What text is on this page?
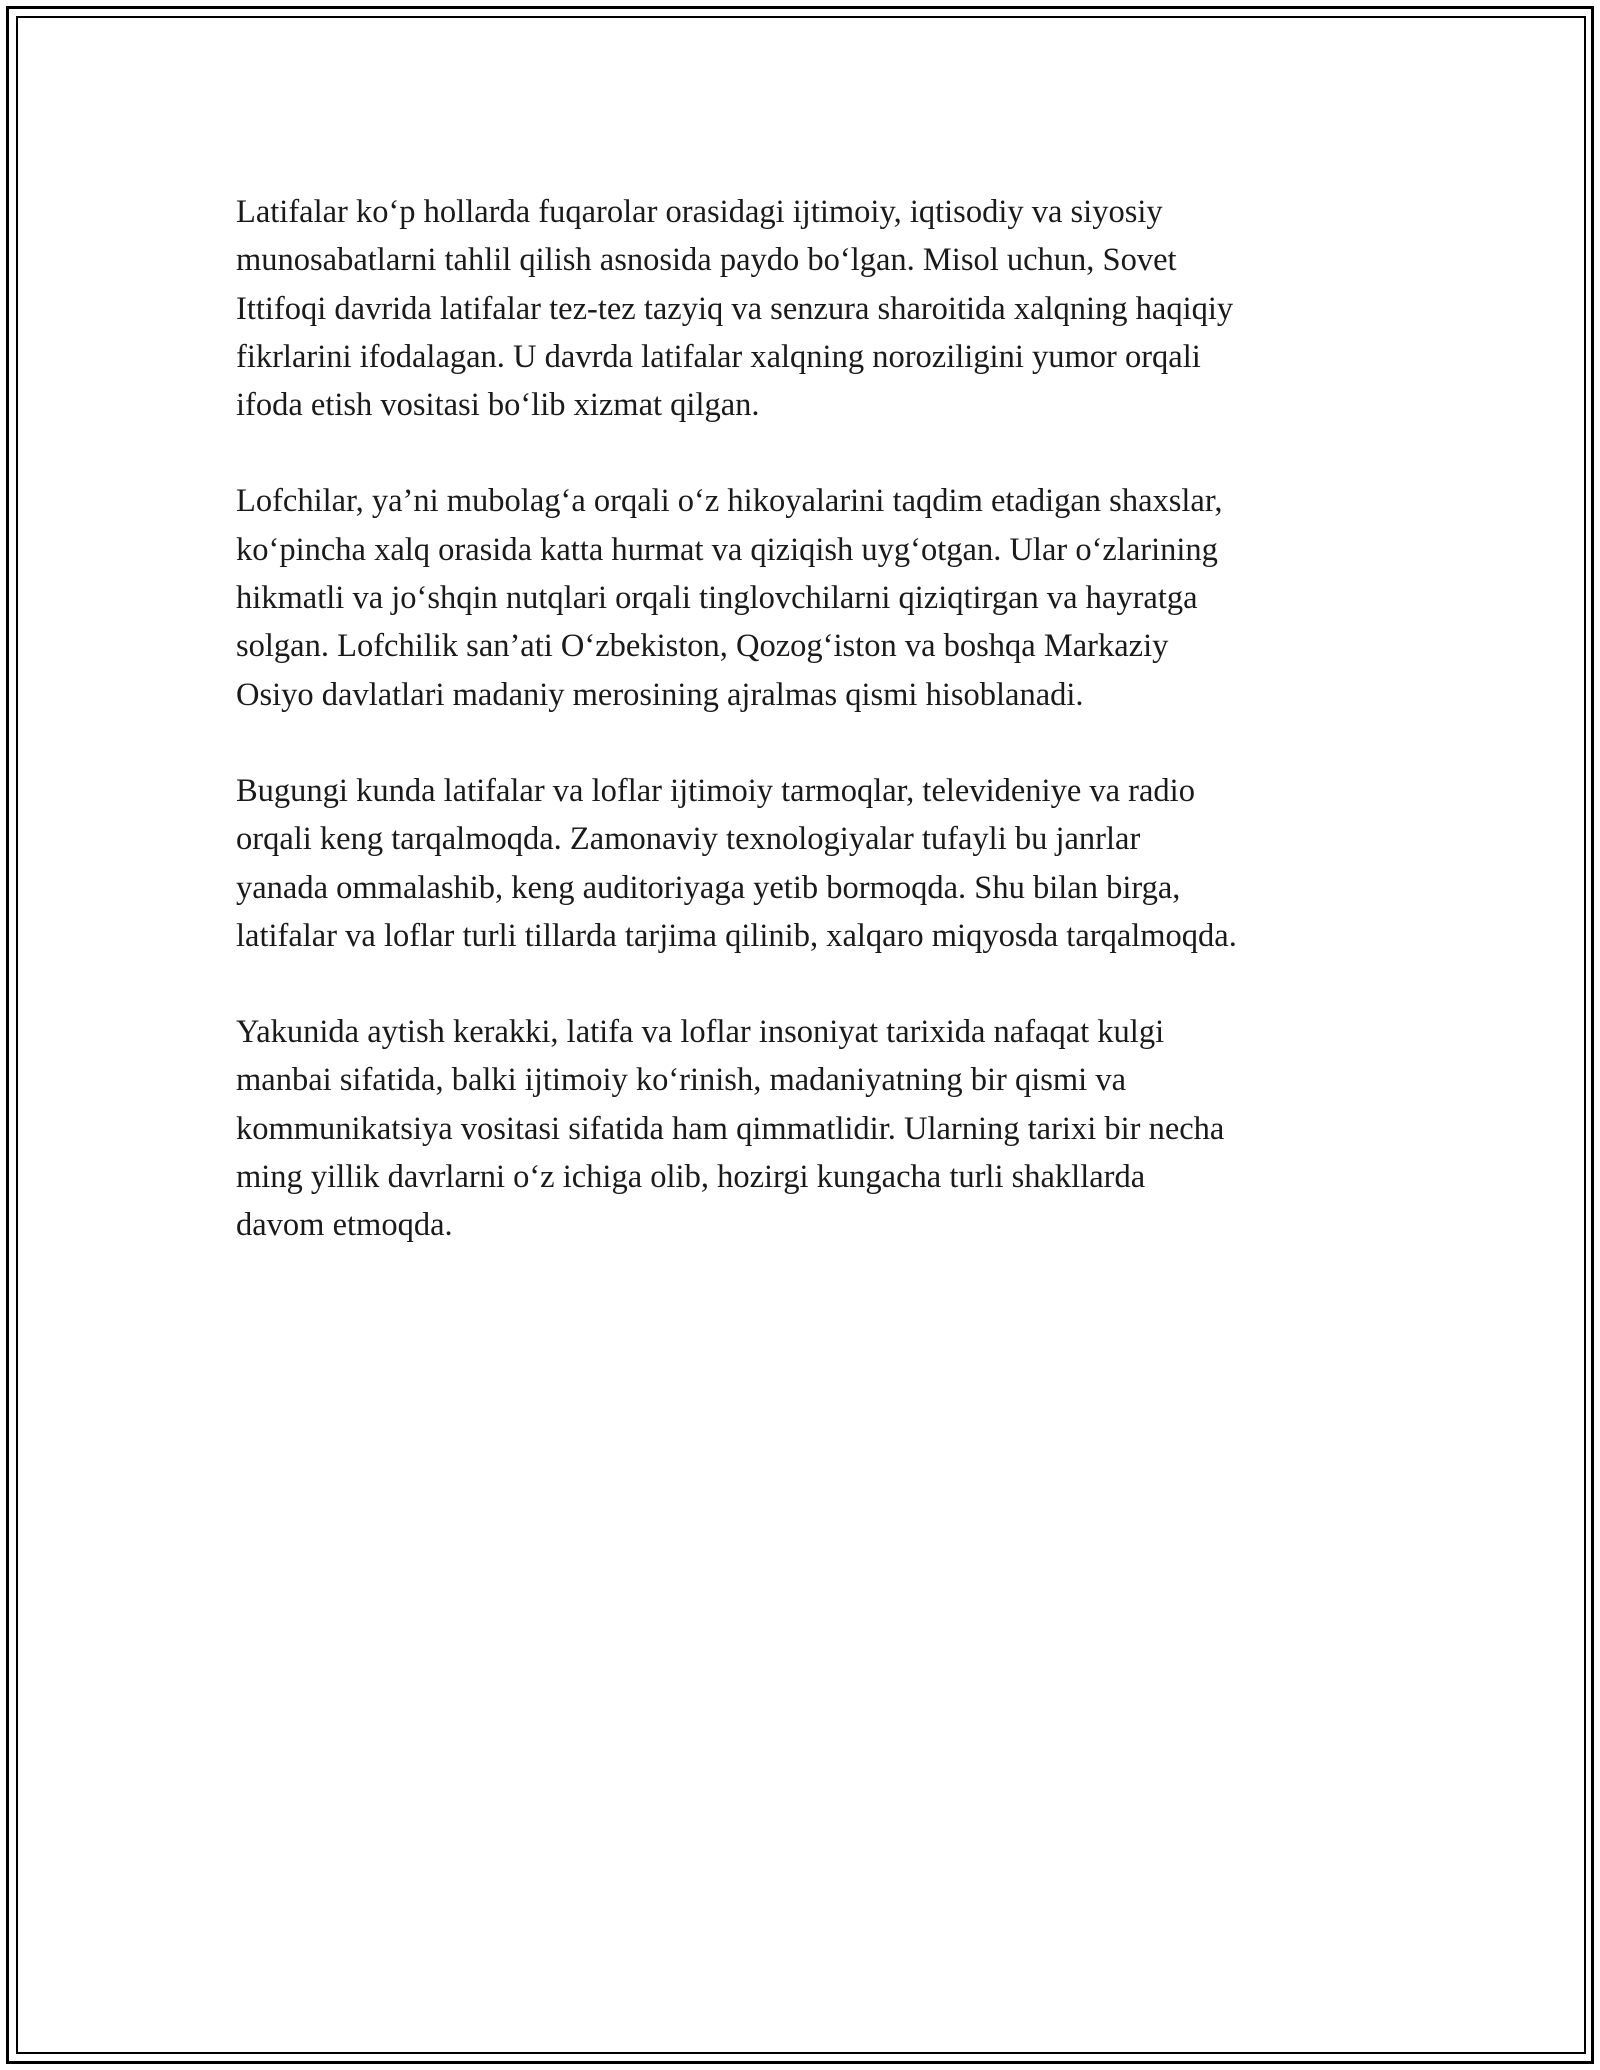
Latifalar ko‘p hollarda fuqarolar orasidagi ijtimoiy, iqtisodiy va siyosiy
munosabatlarni tahlil qilish asnosida paydo bo‘lgan. Misol uchun, Sovet
Ittifoqi davrida latifalar tez-tez tazyiq va senzura sharoitida xalqning haqiqiy
fikrlarini ifodalagan. U davrda latifalar xalqning noroziligini yumor orqali
ifoda etish vositasi bo‘lib xizmat qilgan.

Lofchilar, ya’ni mubolag‘a orqali o‘z hikoyalarini taqdim etadigan shaxslar,
ko‘pincha xalq orasida katta hurmat va qiziqish uyg‘otgan. Ular o‘zlarining
hikmatli va jo‘shqin nutqlari orqali tinglovchilarni qiziqtirgan va hayratga
solgan. Lofchilik san’ati O‘zbekiston, Qozog‘iston va boshqa Markaziy
Osiyo davlatlari madaniy merosining ajralmas qismi hisoblanadi.

Bugungi kunda latifalar va loflar ijtimoiy tarmoqlar, televideniye va radio
orqali keng tarqalmoqda. Zamonaviy texnologiyalar tufayli bu janrlar
yanada ommalashib, keng auditoriyaga yetib bormoqda. Shu bilan birga,
latifalar va loflar turli tillarda tarjima qilinib, xalqaro miqyosda tarqalmoqda.

Yakunida aytish kerakki, latifa va loflar insoniyat tarixida nafaqat kulgi
manbai sifatida, balki ijtimoiy ko‘rinish, madaniyatning bir qismi va
kommunikatsiya vositasi sifatida ham qimmatlidir. Ularning tarixi bir necha
ming yillik davrlarni o‘z ichiga olib, hozirgi kungacha turli shakllarda
davom etmoqda.
